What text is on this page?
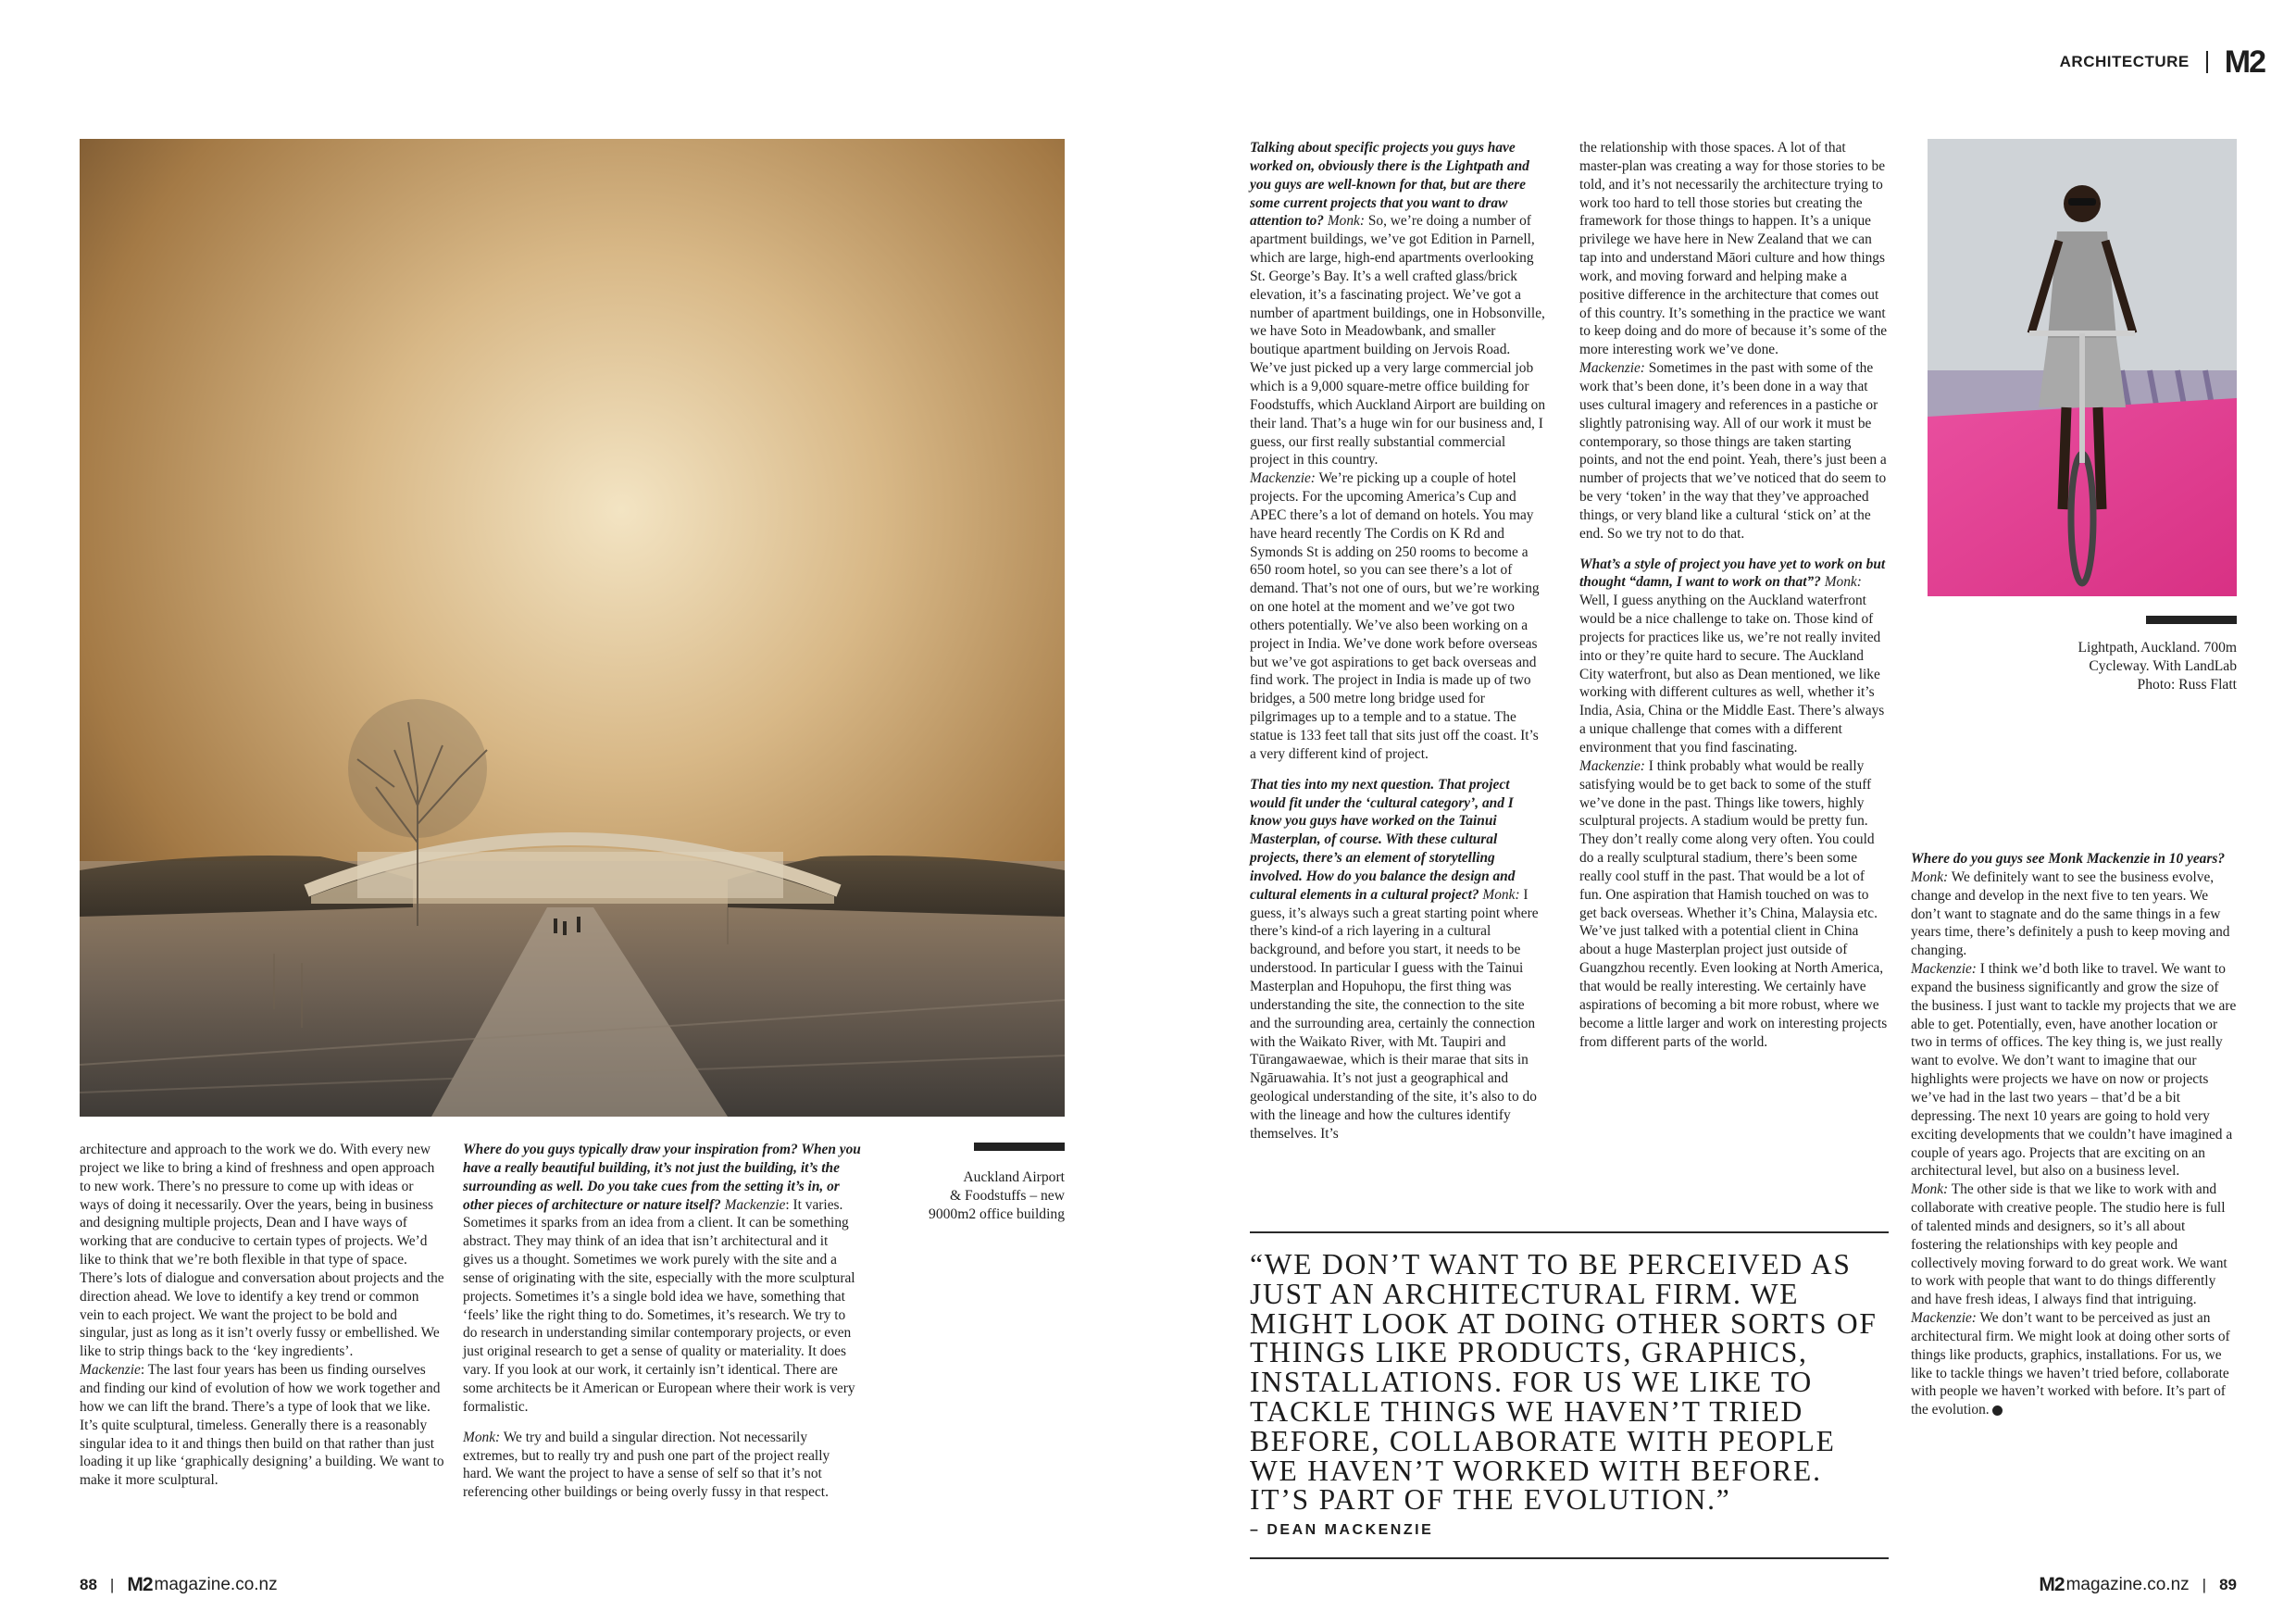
ARCHITECTURE M2
Auckland Airport
& Foodstuffs – new
9000m2 office building
Lightpath, Auckland. 700m
Cycleway. With LandLab
Photo: Russ Flatt

architecture and approach to the work we do. With every new project we like to bring a kind of freshness and open approach to new work. There’s no pressure to come up with ideas or ways of doing it necessarily. Over the years, being in business and designing multiple projects, Dean and I have ways of working that are conducive to certain types of projects. We’d like to think that we’re both flexible in that type of space. There’s lots of dialogue and conversation about projects and the direction ahead. We love to identify a key trend or common vein to each project. We want the project to be bold and singular, just as long as it isn’t overly fussy or embellished. We like to strip things back to the ‘key ingredients’.

Mackenzie: The last four years has been us finding ourselves and finding our kind of evolution of how we work together and how we can lift the brand. There’s a type of look that we like. It’s quite sculptural, timeless. Generally there is a reasonably singular idea to it and things then build on that rather than just loading it up like ‘graphically designing’ a building. We want to make it more sculptural.

Where do you guys typically draw your inspiration from? When you have a really beautiful building, it’s not just the building, it’s the surrounding as well. Do you take cues from the setting it’s in, or other pieces of architecture or nature itself? Mackenzie: It varies. Sometimes it sparks from an idea from a client. It can be something abstract. They may think of an idea that isn’t architectural and it gives us a thought. Sometimes we work purely with the site and a sense of originating with the site, especially with the more sculptural projects. Sometimes it’s a single bold idea we have, something that ‘feels’ like the right thing to do. Sometimes, it’s research. We try to do research in understanding similar contemporary projects, or even just original research to get a sense of quality or materiality. It does vary. If you look at our work, it certainly isn’t identical. There are some architects be it American or European where their work is very formalistic.

Monk: We try and build a singular direction. Not necessarily extremes, but to really try and push one part of the project really hard. We want the project to have a sense of self so that it’s not referencing other buildings or being overly fussy in that respect.

Talking about specific projects you guys have worked on, obviously there is the Lightpath and you guys are well-known for that, but are there some current projects that you want to draw attention to? Monk: So, we’re doing a number of apartment buildings, we’ve got Edition in Parnell, which are large, high-end apartments overlooking St. George’s Bay. It’s a well crafted glass/brick elevation, it’s a fascinating project. We’ve got a number of apartment buildings, one in Hobsonville, we have Soto in Meadowbank, and smaller boutique apartment building on Jervois Road. We’ve just picked up a very large commercial job which is a 9,000 square-metre office building for Foodstuffs, which Auckland Airport are building on their land. That’s a huge win for our business and, I guess, our first really substantial commercial project in this country.

Mackenzie: We’re picking up a couple of hotel projects. For the upcoming America’s Cup and APEC there’s a lot of demand on hotels. You may have heard recently The Cordis on K Rd and Symonds St is adding on 250 rooms to become a 650 room hotel, so you can see there’s a lot of demand. That’s not one of ours, but we’re working on one hotel at the moment and we’ve got two others potentially. We’ve also been working on a project in India. We’ve done work before overseas but we’ve got aspirations to get back overseas and find work. The project in India is made up of two bridges, a 500 metre long bridge used for pilgrimages up to a temple and to a statue. The statue is 133 feet tall that sits just off the coast. It’s a very different kind of project.

That ties into my next question. That project would fit under the ‘cultural category’, and I know you guys have worked on the Tainui Masterplan, of course. With these cultural projects, there’s an element of storytelling involved. How do you balance the design and cultural elements in a cultural project? Monk: I guess, it’s always such a great starting point where there’s kind-of a rich layering in a cultural background, and before you start, it needs to be understood. In particular I guess with the Tainui Masterplan and Hopuhopu, the first thing was understanding the site, the connection to the site and the surrounding area, certainly the connection with the Waikato River, with Mt. Taupiri and Tūrangawaewae, which is their marae that sits in Ngāruawahia. It’s not just a geographical and geological understanding of the site, it’s also to do with the lineage and how the cultures identify themselves. It’s

the relationship with those spaces. A lot of that master-plan was creating a way for those stories to be told, and it’s not necessarily the architecture trying to work too hard to tell those stories but creating the framework for those things to happen. It’s a unique privilege we have here in New Zealand that we can tap into and understand Māori culture and how things work, and moving forward and helping make a positive difference in the architecture that comes out of this country. It’s something in the practice we want to keep doing and do more of because it’s some of the more interesting work we’ve done.

Mackenzie: Sometimes in the past with some of the work that’s been done, it’s been done in a way that uses cultural imagery and references in a pastiche or slightly patronising way. All of our work it must be contemporary, so those things are taken starting points, and not the end point. Yeah, there’s just been a number of projects that we’ve noticed that do seem to be very ‘token’ in the way that they’ve approached things, or very bland like a cultural ‘stick on’ at the end. So we try not to do that.

What’s a style of project you have yet to work on but thought “damn, I want to work on that”? Monk: Well, I guess anything on the Auckland waterfront would be a nice challenge to take on. Those kind of projects for practices like us, we’re not really invited into or they’re quite hard to secure. The Auckland City waterfront, but also as Dean mentioned, we like working with different cultures as well, whether it’s India, Asia, China or the Middle East. There’s always a unique challenge that comes with a different environment that you find fascinating.

Mackenzie: I think probably what would be really satisfying would be to get back to some of the stuff we’ve done in the past. Things like towers, highly sculptural projects. A stadium would be pretty fun. They don’t really come along very often. You could do a really sculptural stadium, there’s been some really cool stuff in the past. That would be a lot of fun. One aspiration that Hamish touched on was to get back overseas. Whether it’s China, Malaysia etc. We’ve just talked with a potential client in China about a huge Masterplan project just outside of Guangzhou recently. Even looking at North America, that would be really interesting. We certainly have aspirations of becoming a bit more robust, where we become a little larger and work on interesting projects from different parts of the world.

Where do you guys see Monk Mackenzie in 10 years? Monk: We definitely want to see the business evolve, change and develop in the next five to ten years. We don’t want to stagnate and do the same things in a few years time, there’s definitely a push to keep moving and changing.

Mackenzie: I think we’d both like to travel. We want to expand the business significantly and grow the size of the business. I just want to tackle my projects that we are able to get. Potentially, even, have another location or two in terms of offices. The key thing is, we just really want to evolve. We don’t want to imagine that our highlights were projects we have on now or projects we’ve had in the last two years – that’d be a bit depressing. The next 10 years are going to hold very exciting developments that we couldn’t have imagined a couple of years ago. Projects that are exciting on an architectural level, but also on a business level.

Monk: The other side is that we like to work with and collaborate with creative people. The studio here is full of talented minds and designers, so it’s all about fostering the relationships with key people and collectively moving forward to do great work. We want to work with people that want to do things differently and have fresh ideas, I always find that intriguing.

Mackenzie: We don’t want to be perceived as just an architectural firm. We might look at doing other sorts of things like products, graphics, installations. For us, we like to tackle things we haven’t tried before, collaborate with people we haven’t worked with before. It’s part of the evolution.

“WE DON’T WANT TO BE PERCEIVED AS JUST AN ARCHITECTURAL FIRM. WE MIGHT LOOK AT DOING OTHER SORTS OF THINGS LIKE PRODUCTS, GRAPHICS, INSTALLATIONS. FOR US WE LIKE TO TACKLE THINGS WE HAVEN’T TRIED BEFORE, COLLABORATE WITH PEOPLE WE HAVEN’T WORKED WITH BEFORE. IT’S PART OF THE EVOLUTION.”
– DEAN MACKENZIE
88 | M2 magazine.co.nz	M2 magazine.co.nz | 89
